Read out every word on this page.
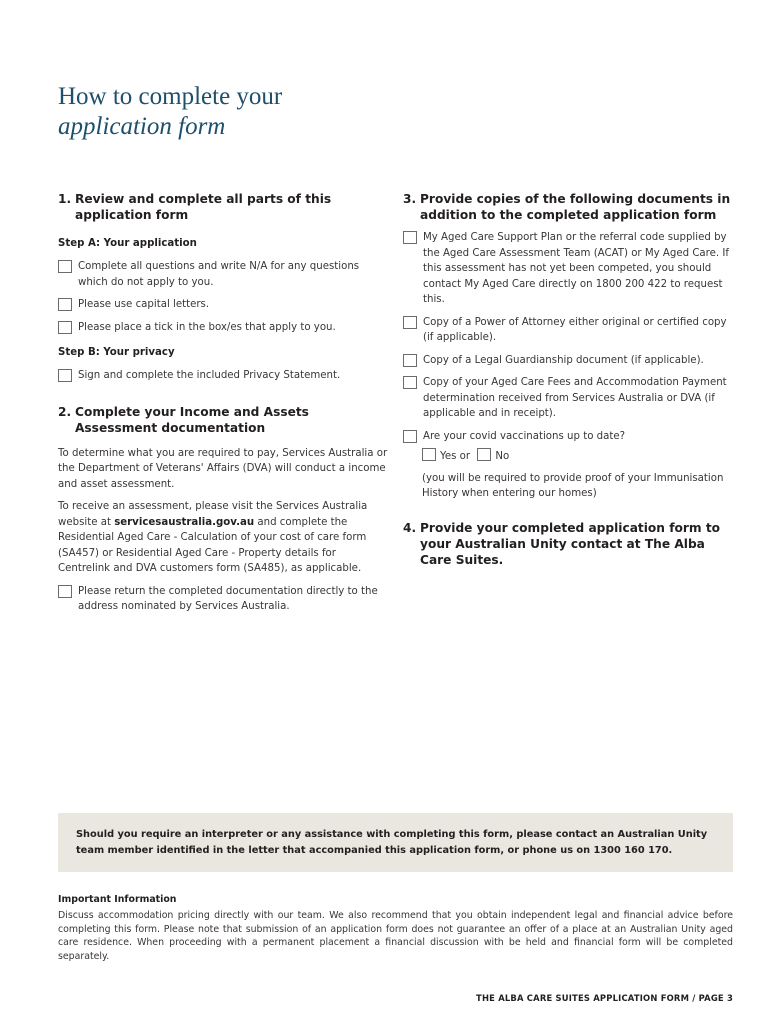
How to complete your
application form
1. Review and complete all parts of this application form
Step A: Your application
Complete all questions and write N/A for any questions which do not apply to you.
Please use capital letters.
Please place a tick in the box/es that apply to you.
Step B: Your privacy
Sign and complete the included Privacy Statement.
2. Complete your Income and Assets Assessment documentation

To determine what you are required to pay, Services Australia or the Department of Veterans' Affairs (DVA) will conduct a income and asset assessment.

To receive an assessment, please visit the Services Australia website at servicesaustralia.gov.au and complete the Residential Aged Care - Calculation of your cost of care form (SA457) or Residential Aged Care - Property details for Centrelink and DVA customers form (SA485), as applicable.

Please return the completed documentation directly to the address nominated by Services Australia.
3. Provide copies of the following documents in addition to the completed application form
My Aged Care Support Plan or the referral code supplied by the Aged Care Assessment Team (ACAT) or My Aged Care. If this assessment has not yet been competed, you should contact My Aged Care directly on 1800 200 422 to request this.
Copy of a Power of Attorney either original or certified copy (if applicable).
Copy of a Legal Guardianship document (if applicable).
Copy of your Aged Care Fees and Accommodation Payment determination received from Services Australia or DVA (if applicable and in receipt).
Are your covid vaccinations up to date?
Yes or No

(you will be required to provide proof of your Immunisation History when entering our homes)

4. Provide your completed application form to your Australian Unity contact at The Alba Care Suites.
Should you require an interpreter or any assistance with completing this form, please contact an Australian Unity team member identified in the letter that accompanied this application form, or phone us on 1300 160 170.
Important Information

Discuss accommodation pricing directly with our team. We also recommend that you obtain independent legal and financial advice before completing this form. Please note that submission of an application form does not guarantee an offer of a place at an Australian Unity aged care residence. When proceeding with a permanent placement a financial discussion with be held and financial form will be completed separately.

THE ALBA CARE SUITES APPLICATION FORM / PAGE 3
